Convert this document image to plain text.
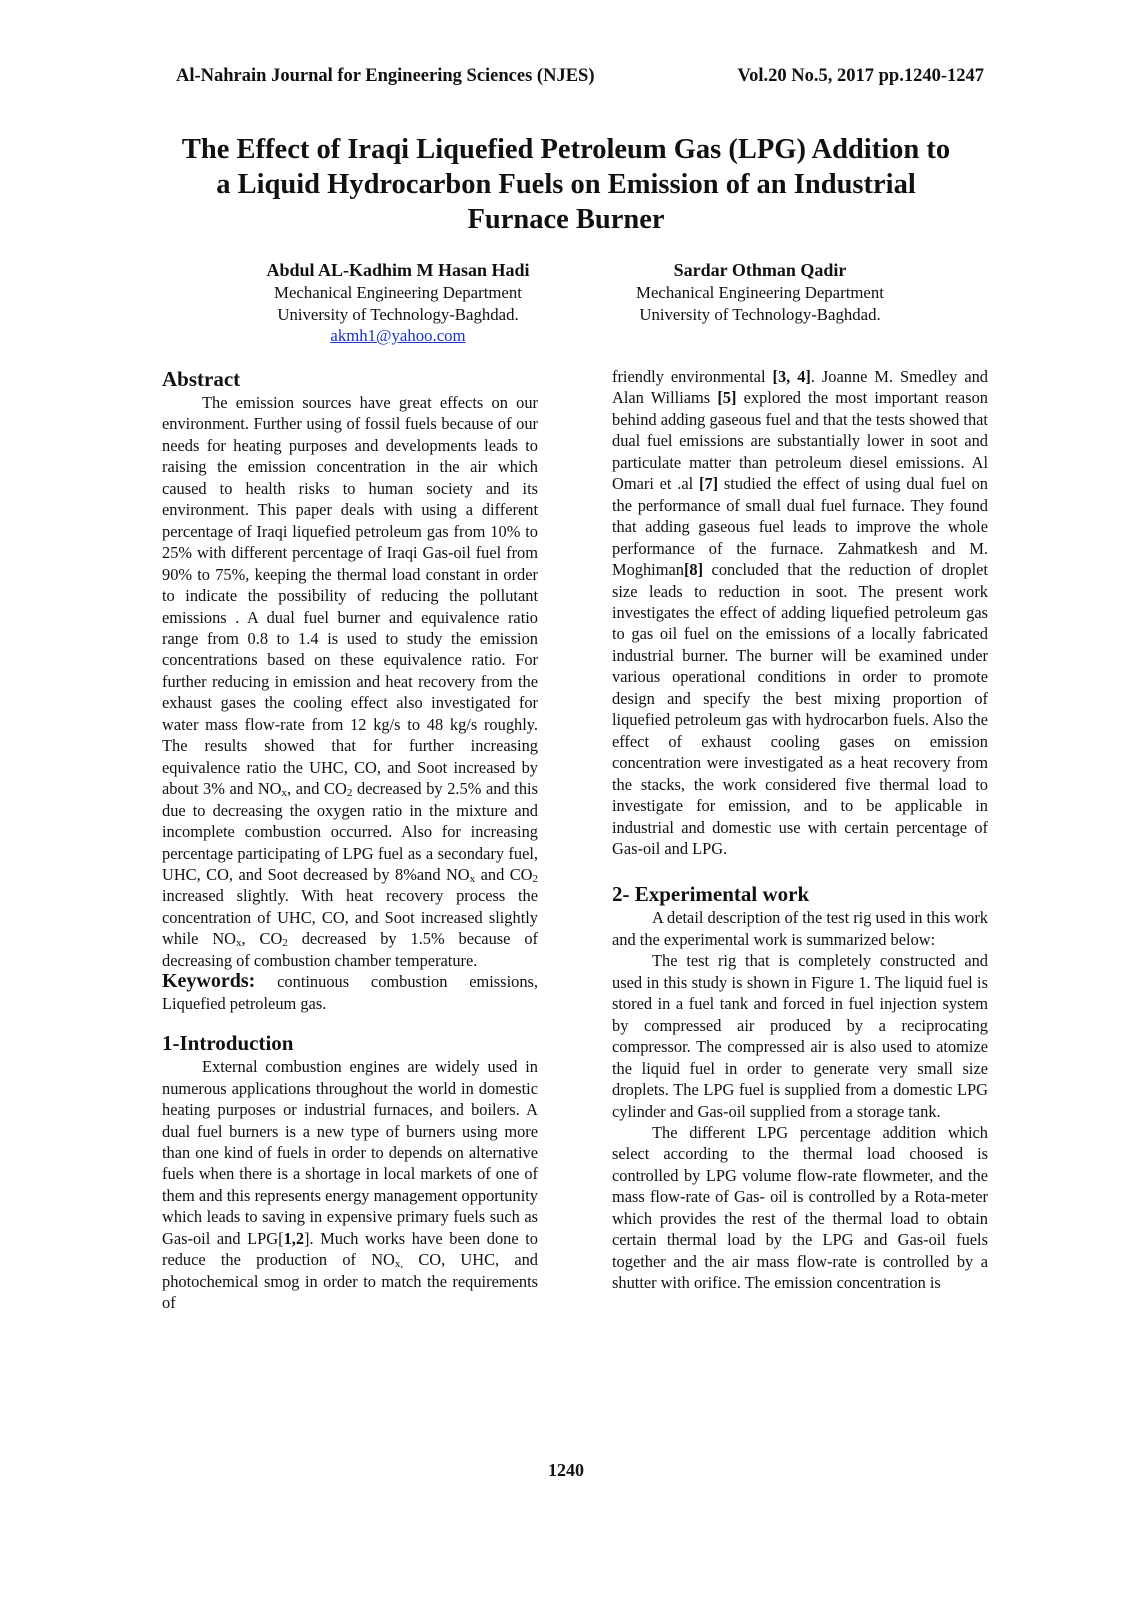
Al-Nahrain Journal for Engineering Sciences (NJES)	Vol.20 No.5, 2017 pp.1240-1247
The Effect of Iraqi Liquefied Petroleum Gas (LPG) Addition to
a Liquid Hydrocarbon Fuels on Emission of an Industrial
Furnace Burner
Abdul AL-Kadhim M Hasan Hadi
Mechanical Engineering Department
University of Technology-Baghdad.
akmh1@yahoo.com
Sardar Othman Qadir
Mechanical Engineering Department
University of Technology-Baghdad.
Abstract

The emission sources have great effects on our environment. Further using of fossil fuels because of our needs for heating purposes and developments leads to raising the emission concentration in the air which caused to health risks to human society and its environment. This paper deals with using a different percentage of Iraqi liquefied petroleum gas from 10% to 25% with different percentage of Iraqi Gas-oil fuel from 90% to 75%, keeping the thermal load constant in order to indicate the possibility of reducing the pollutant emissions . A dual fuel burner and equivalence ratio range from 0.8 to 1.4 is used to study the emission concentrations based on these equivalence ratio. For further reducing in emission and heat recovery from the exhaust gases the cooling effect also investigated for water mass flow-rate from 12 kg/s to 48 kg/s roughly. The results showed that for further increasing equivalence ratio the UHC, CO, and Soot increased by about 3% and $NO_x$, and $CO_2$ decreased by 2.5% and this due to decreasing the oxygen ratio in the mixture and incomplete combustion occurred. Also for increasing percentage participating of LPG fuel as a secondary fuel, UHC, CO, and Soot decreased by 8%and $NO_x$ and $CO_2$ increased slightly. With heat recovery process the concentration of UHC, CO, and Soot increased slightly while $NO_x$, $CO_2$ decreased by 1.5% because of decreasing of combustion chamber temperature.

Keywords: continuous combustion emissions, Liquefied petroleum gas.

1-Introduction

External combustion engines are widely used in numerous applications throughout the world in domestic heating purposes or industrial furnaces, and boilers. A dual fuel burners is a new type of burners using more than one kind of fuels in order to depends on alternative fuels when there is a shortage in local markets of one of them and this represents energy management opportunity which leads to saving in expensive primary fuels such as Gas-oil and LPG[1,2]. Much works have been done to reduce the production of $NO_{x,}$ CO, UHC, and photochemical smog in order to match the requirements of

friendly environmental [3, 4]. Joanne M. Smedley and Alan Williams [5] explored the most important reason behind adding gaseous fuel and that the tests showed that dual fuel emissions are substantially lower in soot and particulate matter than petroleum diesel emissions. Al Omari et .al [7] studied the effect of using dual fuel on the performance of small dual fuel furnace. They found that adding gaseous fuel leads to improve the whole performance of the furnace. Zahmatkesh and M. Moghiman[8] concluded that the reduction of droplet size leads to reduction in soot. The present work investigates the effect of adding liquefied petroleum gas to gas oil fuel on the emissions of a locally fabricated industrial burner. The burner will be examined under various operational conditions in order to promote design and specify the best mixing proportion of liquefied petroleum gas with hydrocarbon fuels. Also the effect of exhaust cooling gases on emission concentration were investigated as a heat recovery from the stacks, the work considered five thermal load to investigate for emission, and to be applicable in industrial and domestic use with certain percentage of Gas-oil and LPG.

2- Experimental work

A detail description of the test rig used in this work and the experimental work is summarized below:

The test rig that is completely constructed and used in this study is shown in Figure 1. The liquid fuel is stored in a fuel tank and forced in fuel injection system by compressed air produced by a reciprocating compressor. The compressed air is also used to atomize the liquid fuel in order to generate very small size droplets. The LPG fuel is supplied from a domestic LPG cylinder and Gas-oil supplied from a storage tank.

The different LPG percentage addition which select according to the thermal load choosed is controlled by LPG volume flow-rate flowmeter, and the mass flow-rate of Gas- oil is controlled by a Rota-meter which provides the rest of the thermal load to obtain certain thermal load by the LPG and Gas-oil fuels together and the air mass flow-rate is controlled by a shutter with orifice. The emission concentration is

1240
